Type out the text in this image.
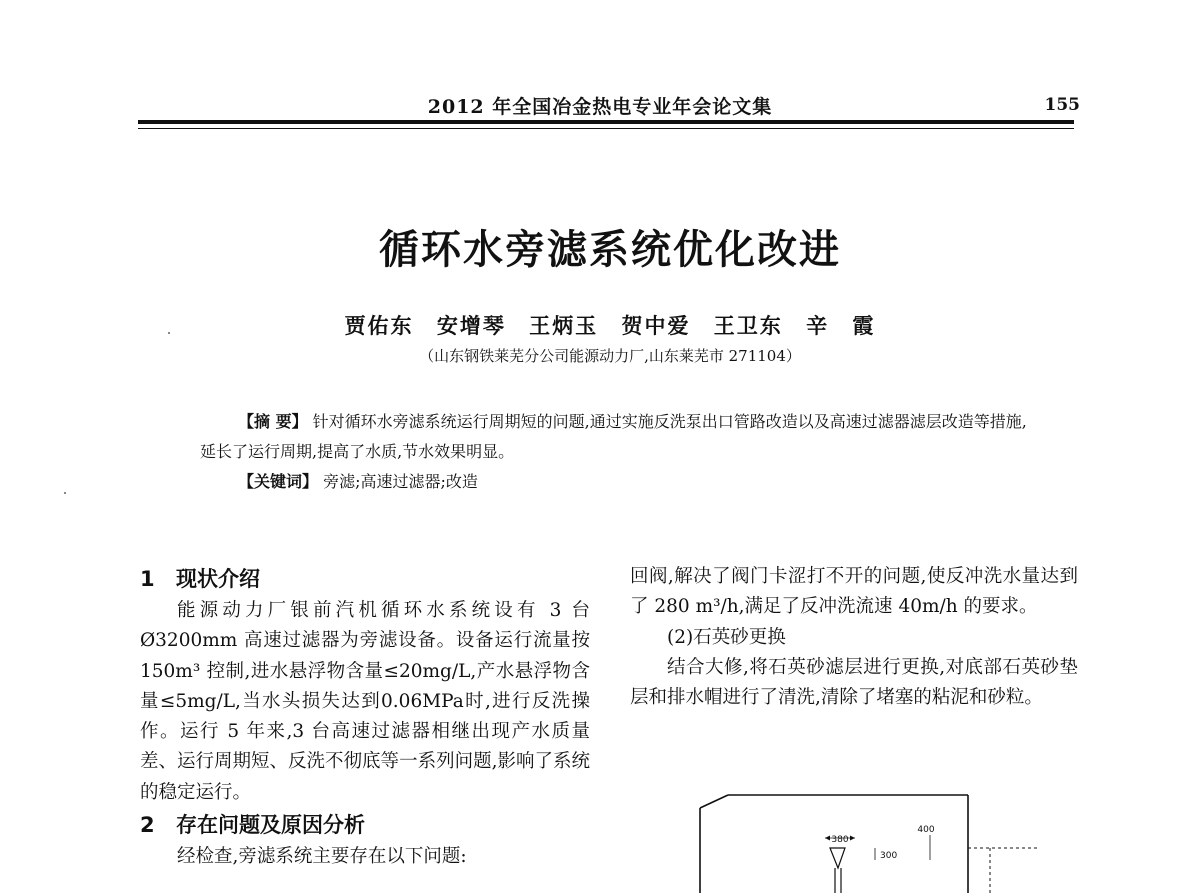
2012 年全国冶金热电专业年会论文集	155
循环水旁滤系统优化改进
贾佑东 安增琴 王炳玉 贺中爱 王卫东 辛 霞
（山东钢铁莱芜分公司能源动力厂,山东莱芜市 271104）
【摘 要】 针对循环水旁滤系统运行周期短的问题,通过实施反洗泵出口管路改造以及高速过滤器滤层改造等措施,延长了运行周期,提高了水质,节水效果明显。
【关键词】 旁滤;高速过滤器;改造
1 现状介绍
能源动力厂银前汽机循环水系统设有 3 台 Ø3200mm 高速过滤器为旁滤设备。设备运行流量按 150m³ 控制,进水悬浮物含量≤20mg/L,产水悬浮物含量≤5mg/L,当水头损失达到0.06MPa时,进行反洗操作。运行 5 年来,3 台高速过滤器相继出现产水质量差、运行周期短、反洗不彻底等一系列问题,影响了系统的稳定运行。
2 存在问题及原因分析
经检查,旁滤系统主要存在以下问题:
回阀,解决了阀门卡涩打不开的问题,使反冲洗水量达到了 280 m³/h,满足了反冲洗流速 40m/h 的要求。
(2)石英砂更换
结合大修,将石英砂滤层进行更换,对底部石英砂垫层和排水帽进行了清洗,清除了堵塞的粘泥和砂粒。
380
300
400
